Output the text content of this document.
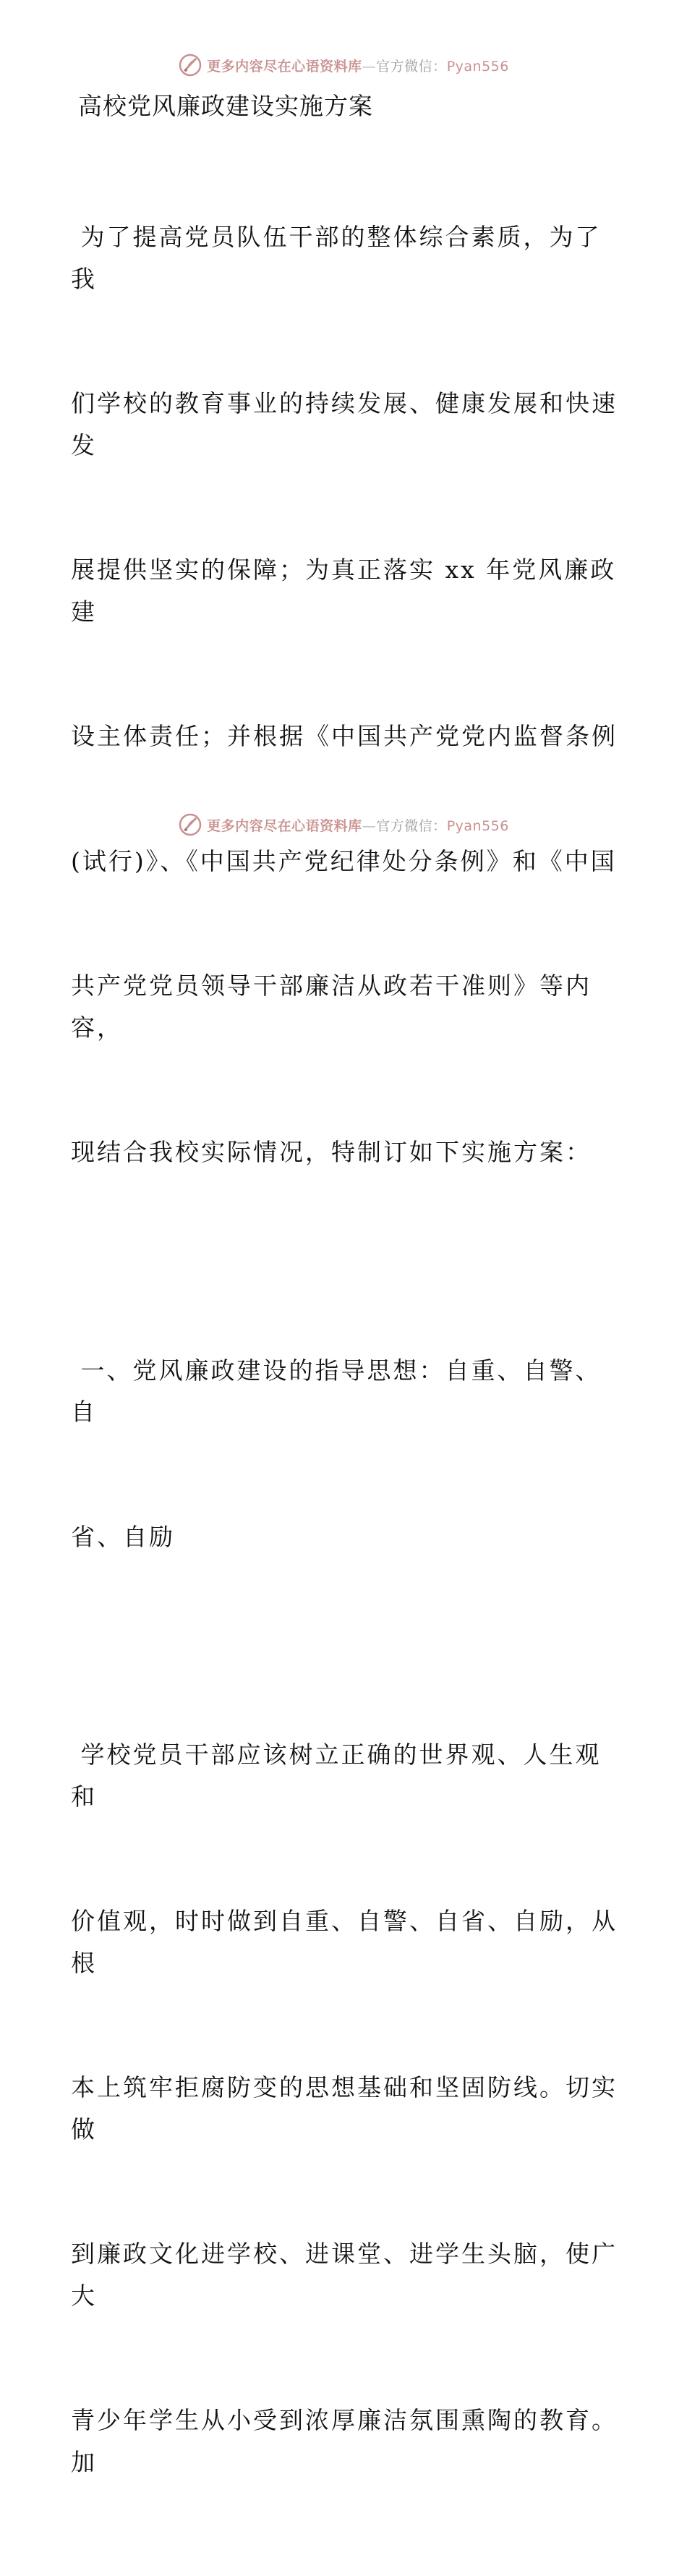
更多内容尽在心语资料库—官方微信：Pyan556
高校党风廉政建设实施方案

为了提高党员队伍干部的整体综合素质，为了我

们学校的教育事业的持续发展、健康发展和快速发

展提供坚实的保障；为真正落实 xx 年党风廉政建

设主体责任；并根据《中国共产党党内监督条例

(试行)》、《中国共产党纪律处分条例》和《中国

共产党党员领导干部廉洁从政若干准则》等内容，

现结合我校实际情况，特制订如下实施方案：

一、党风廉政建设的指导思想：自重、自警、自

省、自励

学校党员干部应该树立正确的世界观、人生观和

价值观，时时做到自重、自警、自省、自励，从根

本上筑牢拒腐防变的思想基础和坚固防线。切实做

到廉政文化进学校、进课堂、进学生头脑，使广大

青少年学生从小受到浓厚廉洁氛围熏陶的教育。加

更多内容尽在心语资料库—官方微信：Pyan556
